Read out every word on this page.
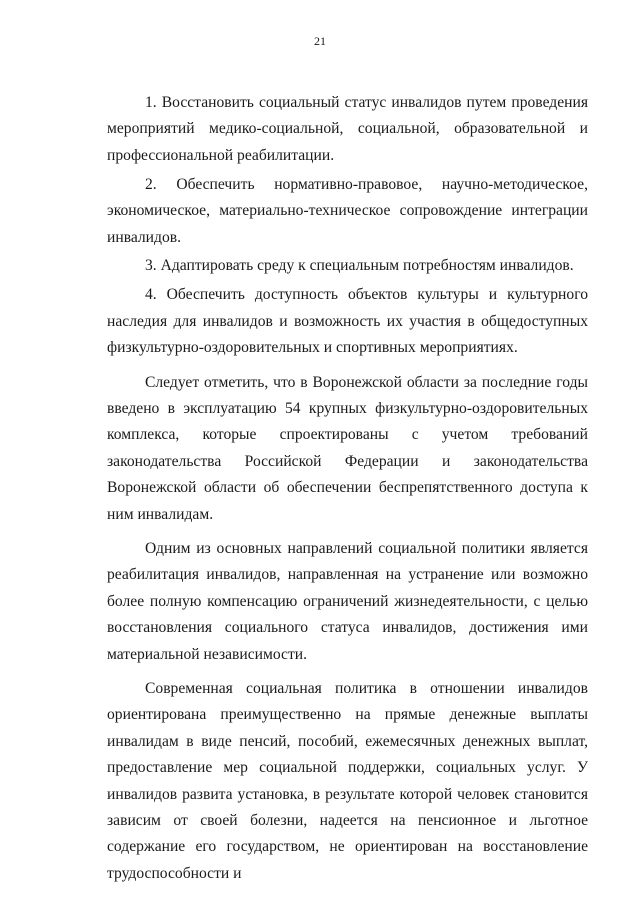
21

1. Восстановить социальный статус инвалидов путем проведения мероприятий медико-социальной, социальной, образовательной и профессиональной реабилитации.

2. Обеспечить нормативно-правовое, научно-методическое, экономическое, материально-техническое сопровождение интеграции инвалидов.

3. Адаптировать среду к специальным потребностям инвалидов.

4. Обеспечить доступность объектов культуры и культурного наследия для инвалидов и возможность их участия в общедоступных физкультурно-оздоровительных и спортивных мероприятиях.

Следует отметить, что в Воронежской области за последние годы введено в эксплуатацию 54 крупных физкультурно-оздоровительных комплекса, которые спроектированы с учетом требований законодательства Российской Федерации и законодательства Воронежской области об обеспечении беспрепятственного доступа к ним инвалидам.

Одним из основных направлений социальной политики является реабилитация инвалидов, направленная на устранение или возможно более полную компенсацию ограничений жизнедеятельности, с целью восстановления социального статуса инвалидов, достижения ими материальной независимости.

Современная социальная политика в отношении инвалидов ориентирована преимущественно на прямые денежные выплаты инвалидам в виде пенсий, пособий, ежемесячных денежных выплат, предоставление мер социальной поддержки, социальных услуг. У инвалидов развита установка, в результате которой человек становится зависим от своей болезни, надеется на пенсионное и льготное содержание его государством, не ориентирован на восстановление трудоспособности и
